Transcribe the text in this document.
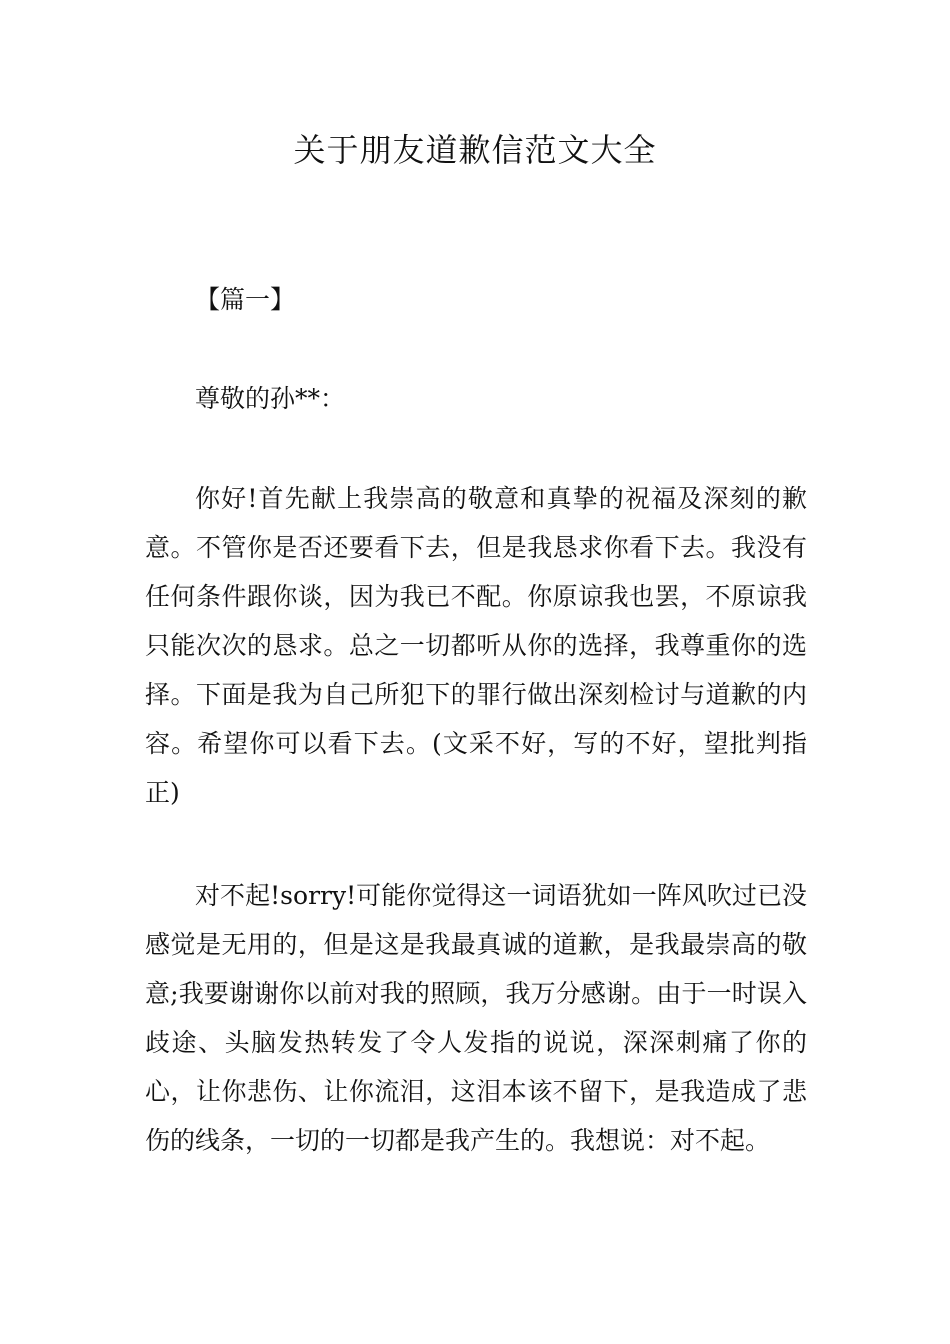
关于朋友道歉信范文大全
【篇一】
尊敬的孙**：

你好!首先献上我崇高的敬意和真挚的祝福及深刻的歉意。不管你是否还要看下去，但是我恳求你看下去。我没有任何条件跟你谈，因为我已不配。你原谅我也罢，不原谅我只能次次的恳求。总之一切都听从你的选择，我尊重你的选择。下面是我为自己所犯下的罪行做出深刻检讨与道歉的内容。希望你可以看下去。(文采不好，写的不好，望批判指正)

对不起!sorry!可能你觉得这一词语犹如一阵风吹过已没感觉是无用的，但是这是我最真诚的道歉，是我最崇高的敬意;我要谢谢你以前对我的照顾，我万分感谢。由于一时误入歧途、头脑发热转发了令人发指的说说，深深刺痛了你的心，让你悲伤、让你流泪，这泪本该不留下，是我造成了悲伤的线条，一切的一切都是我产生的。我想说：对不起。
